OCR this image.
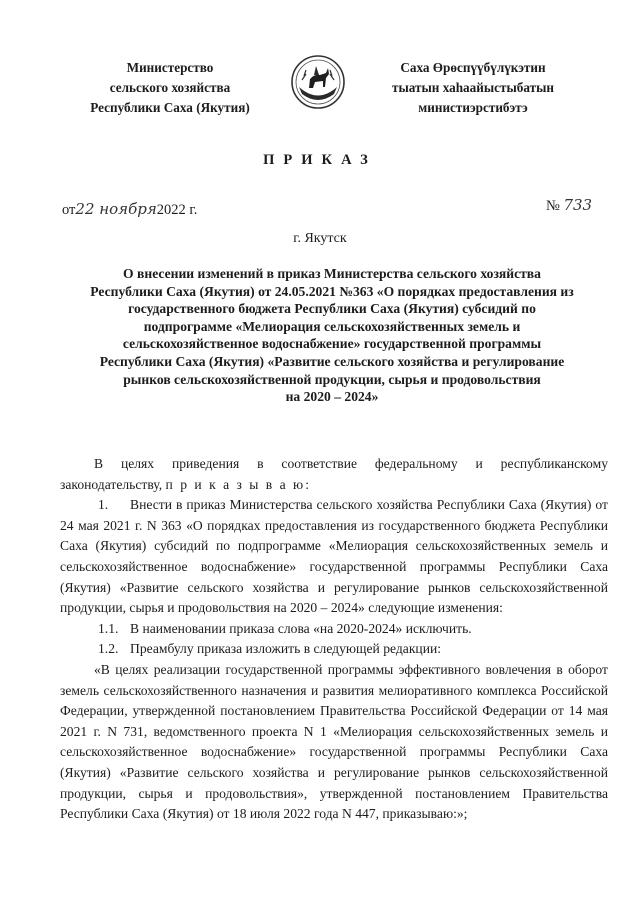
Министерство
сельского хозяйства
Республики Саха (Якутия)
Саха Өрөспүүбүлүкэтин
тыатын хаһаайыстыбатын
министиэрстибэтэ
ПРИКАЗ
от22 ноября2022 г.	№ 733
г. Якутск
О внесении изменений в приказ Министерства сельского хозяйства
Республики Саха (Якутия) от 24.05.2021 №363 «О порядках предоставления из
государственного бюджета Республики Саха (Якутия) субсидий по
подпрограмме «Мелиорация сельскохозяйственных земель и
сельскохозяйственное водоснабжение» государственной программы
Республики Саха (Якутия) «Развитие сельского хозяйства и регулирование
рынков сельскохозяйственной продукции, сырья и продовольствия
на 2020 – 2024»

В целях приведения в соответствие федеральному и республиканскому законодательству, п р и к а з ы в а ю:

1.	Внести в приказ Министерства сельского хозяйства Республики Саха (Якутия) от 24 мая 2021 г. N 363 «О порядках предоставления из государственного бюджета Республики Саха (Якутия) субсидий по подпрограмме «Мелиорация сельскохозяйственных земель и сельскохозяйственное водоснабжение» государственной программы Республики Саха (Якутия) «Развитие сельского хозяйства и регулирование рынков сельскохозяйственной продукции, сырья и продовольствия на 2020 – 2024» следующие изменения:

1.1. В наименовании приказа слова «на 2020-2024» исключить.
1.2. Преамбулу приказа изложить в следующей редакции:

«В целях реализации государственной программы эффективного вовлечения в оборот земель сельскохозяйственного назначения и развития мелиоративного комплекса Российской Федерации, утвержденной постановлением Правительства Российской Федерации от 14 мая 2021 г. N 731, ведомственного проекта N 1 «Мелиорация сельскохозяйственных земель и сельскохозяйственное водоснабжение» государственной программы Республики Саха (Якутия) «Развитие сельского хозяйства и регулирование рынков сельскохозяйственной продукции, сырья и продовольствия», утвержденной постановлением Правительства Республики Саха (Якутия) от 18 июля 2022 года N 447, приказываю:»;
